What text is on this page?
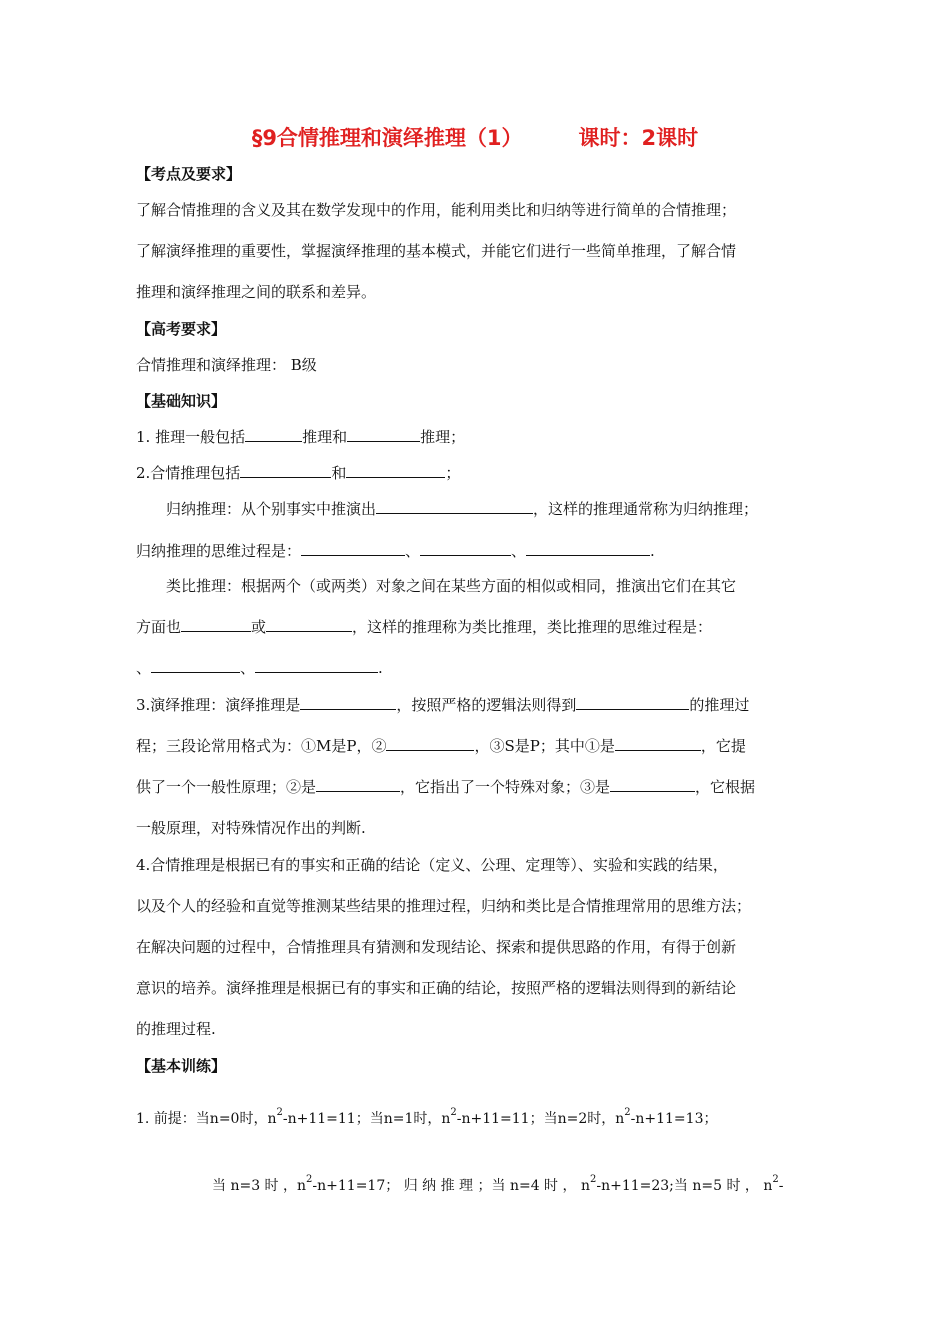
§9合情推理和演绎推理（1）	课时：2课时
【考点及要求】
了解合情推理的含义及其在数学发现中的作用，能利用类比和归纳等进行简单的合情推理；
了解演绎推理的重要性，掌握演绎推理的基本模式，并能它们进行一些简单推理，了解合情
推理和演绎推理之间的联系和差异。
【高考要求】
合情推理和演绎推理： B级
【基础知识】
1. 推理一般包括	推理和	推理；
2.合情推理包括	和	；
归纳推理：从个别事实中推演出	，这样的推理通常称为归纳推理；
归纳推理的思维过程是：	、	、	.
类比推理：根据两个（或两类）对象之间在某些方面的相似或相同，推演出它们在其它
方面也	或	，这样的推理称为类比推理，类比推理的思维过程是：
、	、	.
3.演绎推理：演绎推理是	，按照严格的逻辑法则得到	的推理过
程；三段论常用格式为：①M是P，②	，③S是P；其中①是	，它提
供了一个一般性原理；②是	，它指出了一个特殊对象；③是	，它根据
一般原理，对特殊情况作出的判断.
4.合情推理是根据已有的事实和正确的结论（定义、公理、定理等）、实验和实践的结果，
以及个人的经验和直觉等推测某些结果的推理过程，归纳和类比是合情推理常用的思维方法；
在解决问题的过程中，合情推理具有猜测和发现结论、探索和提供思路的作用，有得于创新
意识的培养。演绎推理是根据已有的事实和正确的结论，按照严格的逻辑法则得到的新结论
的推理过程.
【基本训练】
1. 前提：当n=0时，$n^2-n+11=11$；当n=1时，$n^2-n+11=11$；当n=2时，$n^2-n+11=13$；
当 n=3 时 ，$n^2-n+11=17$； 归 纳 推 理 ；当 n=4 时 ， $n^2-n+11=23$;当 n=5 时 ， $n^2-$
